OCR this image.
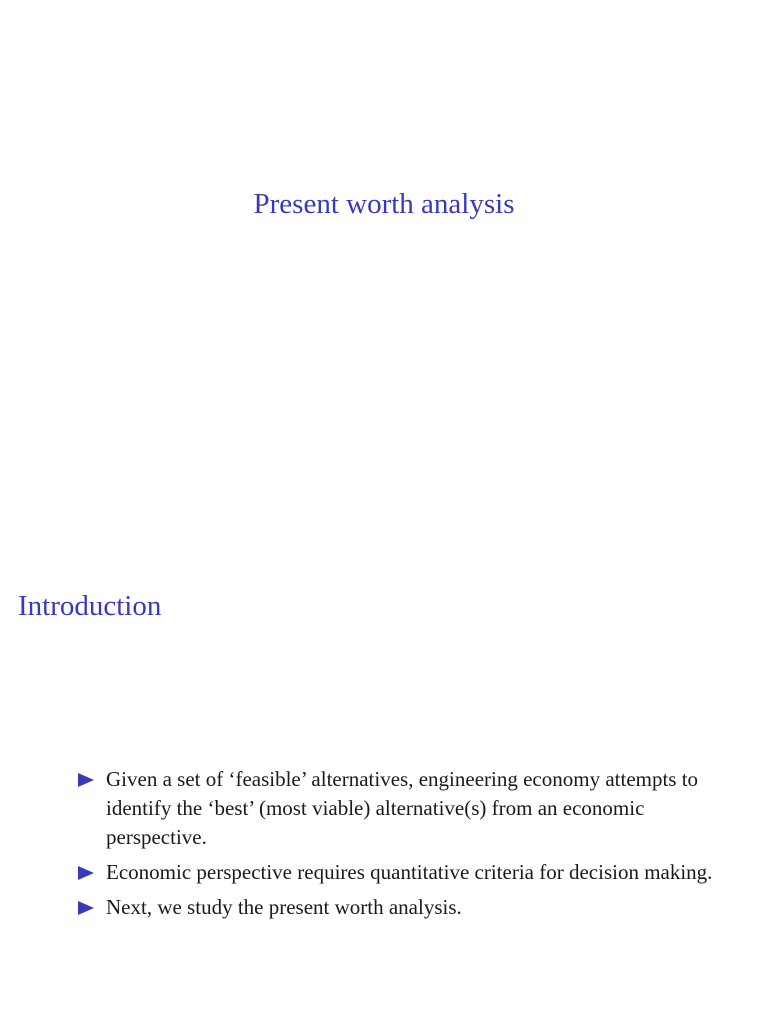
Present worth analysis
Introduction
Given a set of ‘feasible’ alternatives, engineering economy attempts to identify the ‘best’ (most viable) alternative(s) from an economic perspective.
Economic perspective requires quantitative criteria for decision making.
Next, we study the present worth analysis.
